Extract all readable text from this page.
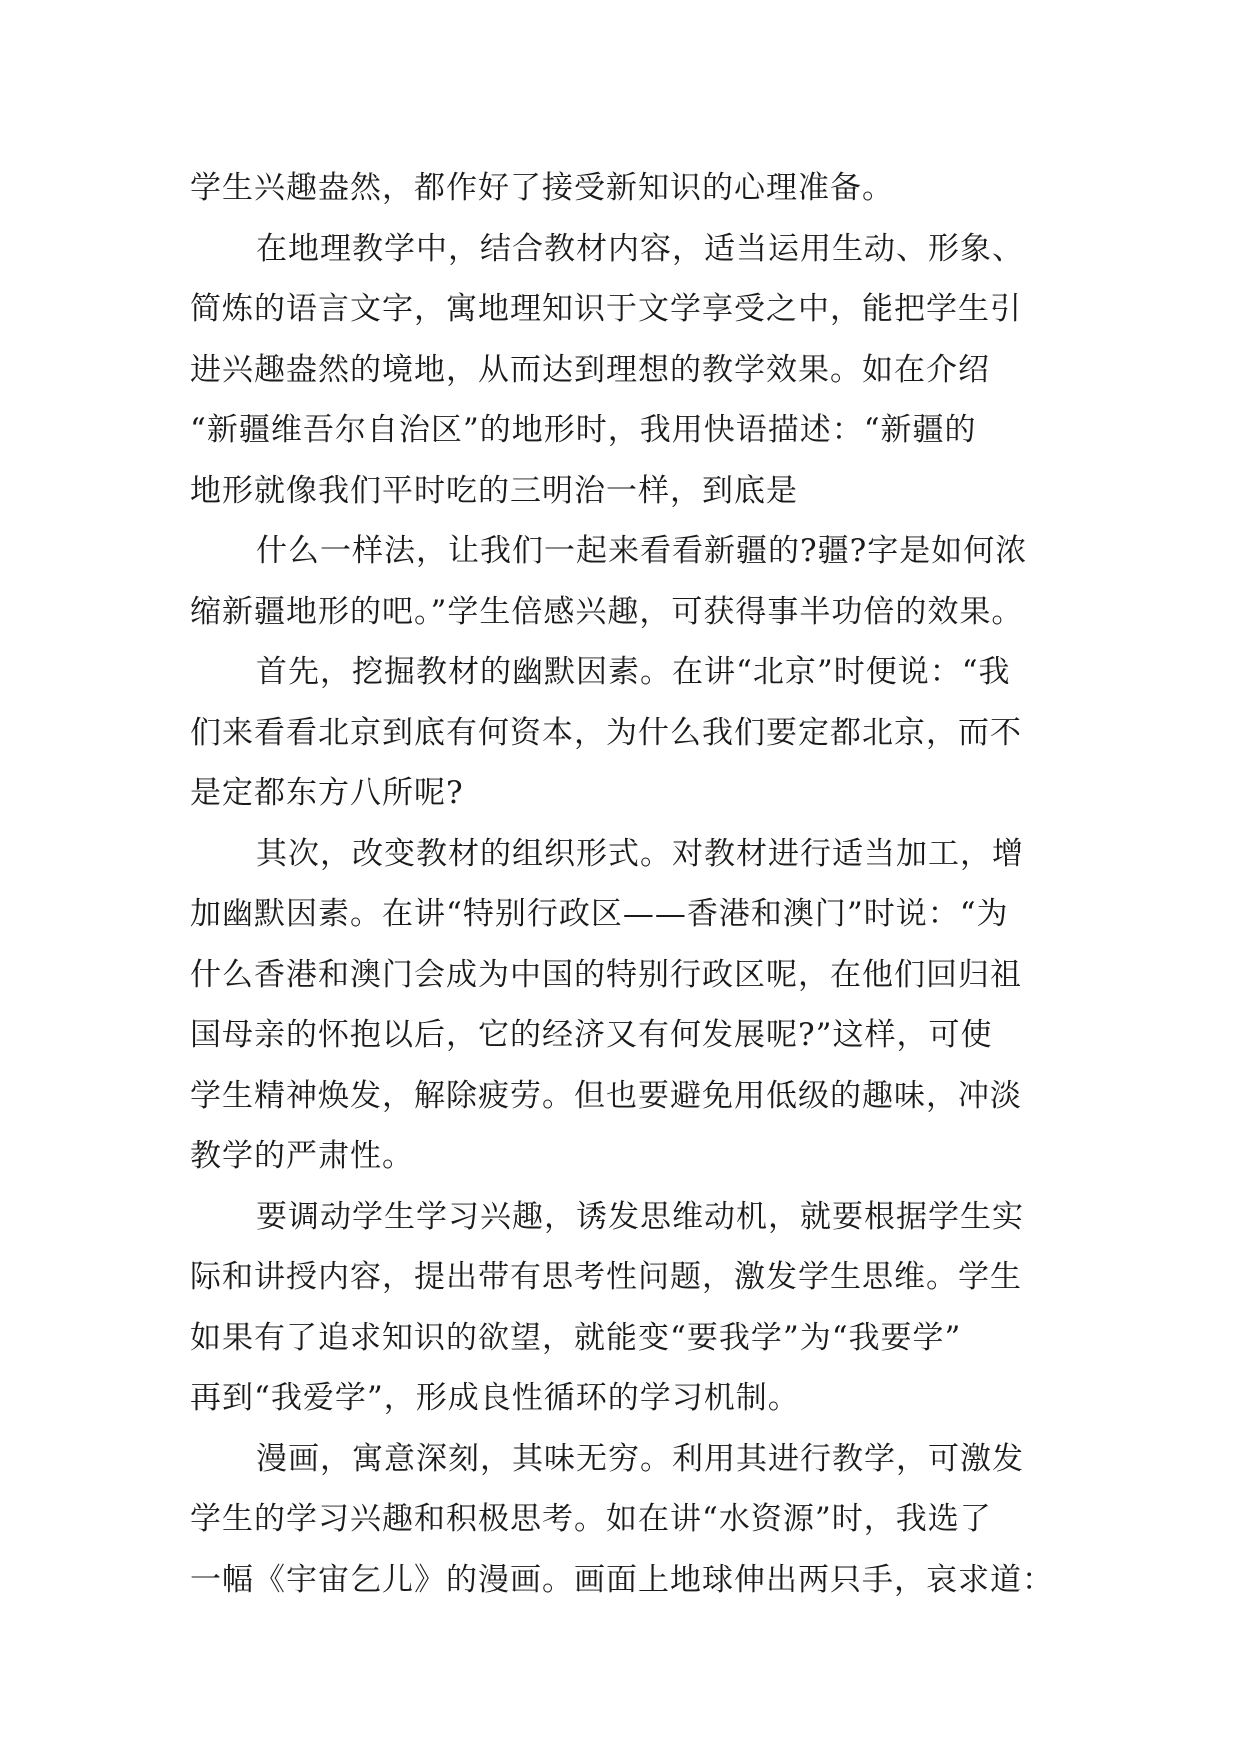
学生兴趣盎然，都作好了接受新知识的心理准备。
在地理教学中，结合教材内容，适当运用生动、形象、
简炼的语言文字，寓地理知识于文学享受之中，能把学生引
进兴趣盎然的境地，从而达到理想的教学效果。如在介绍
“新疆维吾尔自治区”的地形时，我用快语描述：“新疆的
地形就像我们平时吃的三明治一样，到底是
什么一样法，让我们一起来看看新疆的?疆?字是如何浓
缩新疆地形的吧。”学生倍感兴趣，可获得事半功倍的效果。
首先，挖掘教材的幽默因素。在讲“北京”时便说：“我
们来看看北京到底有何资本，为什么我们要定都北京，而不
是定都东方八所呢?
其次，改变教材的组织形式。对教材进行适当加工，增
加幽默因素。在讲“特别行政区——香港和澳门”时说：“为
什么香港和澳门会成为中国的特别行政区呢，在他们回归祖
国母亲的怀抱以后，它的经济又有何发展呢?”这样，可使
学生精神焕发，解除疲劳。但也要避免用低级的趣味，冲淡
教学的严肃性。
要调动学生学习兴趣，诱发思维动机，就要根据学生实
际和讲授内容，提出带有思考性问题，激发学生思维。学生
如果有了追求知识的欲望，就能变“要我学”为“我要学”
再到“我爱学”，形成良性循环的学习机制。
漫画，寓意深刻，其味无穷。利用其进行教学，可激发
学生的学习兴趣和积极思考。如在讲“水资源”时，我选了
一幅《宇宙乞儿》的漫画。画面上地球伸出两只手，哀求道：
